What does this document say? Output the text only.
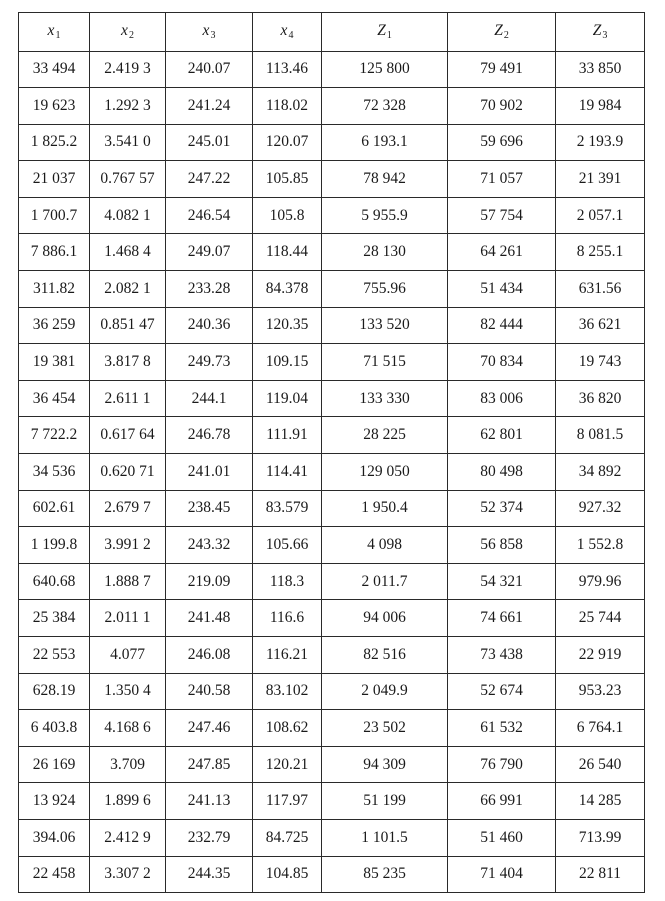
$x_1$	$x_2$	$x_3$	$x_4$	$Z_1$	$Z_2$	$Z_3$
33 494	2.419 3	240.07	113.46	125 800	79 491	33 850
19 623	1.292 3	241.24	118.02	72 328	70 902	19 984
1 825.2	3.541 0	245.01	120.07	6 193.1	59 696	2 193.9
21 037	0.767 57	247.22	105.85	78 942	71 057	21 391
1 700.7	4.082 1	246.54	105.8	5 955.9	57 754	2 057.1
7 886.1	1.468 4	249.07	118.44	28 130	64 261	8 255.1
311.82	2.082 1	233.28	84.378	755.96	51 434	631.56
36 259	0.851 47	240.36	120.35	133 520	82 444	36 621
19 381	3.817 8	249.73	109.15	71 515	70 834	19 743
36 454	2.611 1	244.1	119.04	133 330	83 006	36 820
7 722.2	0.617 64	246.78	111.91	28 225	62 801	8 081.5
34 536	0.620 71	241.01	114.41	129 050	80 498	34 892
602.61	2.679 7	238.45	83.579	1 950.4	52 374	927.32
1 199.8	3.991 2	243.32	105.66	4 098	56 858	1 552.8
640.68	1.888 7	219.09	118.3	2 011.7	54 321	979.96
25 384	2.011 1	241.48	116.6	94 006	74 661	25 744
22 553	4.077	246.08	116.21	82 516	73 438	22 919
628.19	1.350 4	240.58	83.102	2 049.9	52 674	953.23
6 403.8	4.168 6	247.46	108.62	23 502	61 532	6 764.1
26 169	3.709	247.85	120.21	94 309	76 790	26 540
13 924	1.899 6	241.13	117.97	51 199	66 991	14 285
394.06	2.412 9	232.79	84.725	1 101.5	51 460	713.99
22 458	3.307 2	244.35	104.85	85 235	71 404	22 811
